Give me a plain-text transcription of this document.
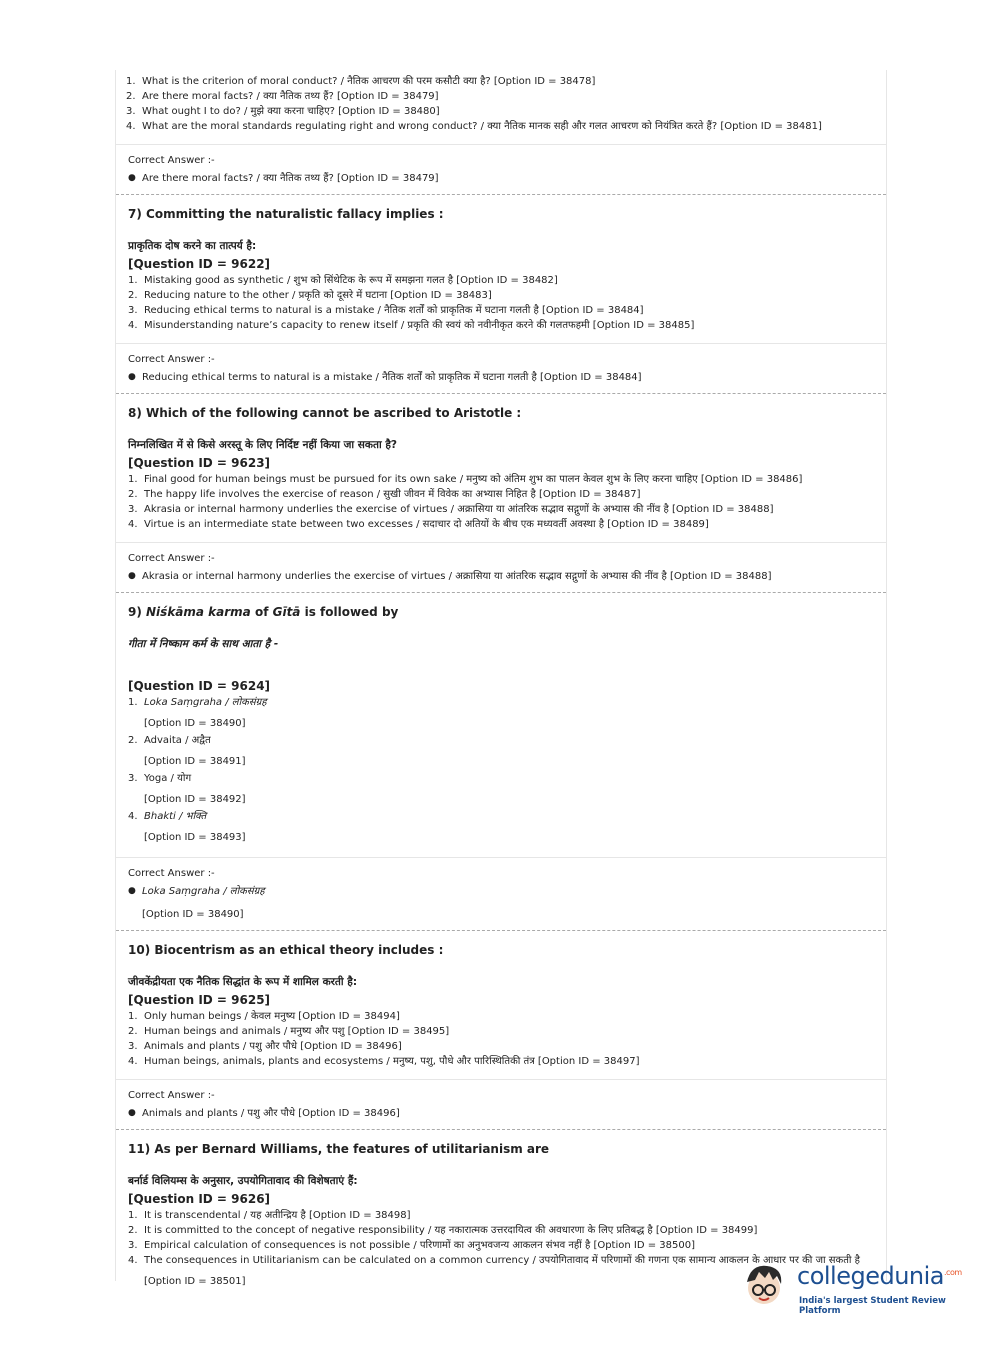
1. What is the criterion of moral conduct? / नैतिक आचरण की परम कसौटी क्या है? [Option ID = 38478]
2. Are there moral facts? / क्या नैतिक तथ्य हैं? [Option ID = 38479]
3. What ought I to do? / मुझे क्या करना चाहिए? [Option ID = 38480]
4. What are the moral standards regulating right and wrong conduct? / क्या नैतिक मानक सही और गलत आचरण को नियंत्रित करते हैं? [Option ID = 38481]
Correct Answer :-
● Are there moral facts? / क्या नैतिक तथ्य हैं? [Option ID = 38479]
7) Committing the naturalistic fallacy implies :
प्राकृतिक दोष करने का तात्पर्य है:
[Question ID = 9622]
1. Mistaking good as synthetic / शुभ को सिंथेटिक के रूप में समझना गलत है [Option ID = 38482]
2. Reducing nature to the other / प्रकृति को दूसरे में घटाना [Option ID = 38483]
3. Reducing ethical terms to natural is a mistake / नैतिक शर्तों को प्राकृतिक में घटाना गलती है [Option ID = 38484]
4. Misunderstanding nature’s capacity to renew itself / प्रकृति की स्वयं को नवीनीकृत करने की गलतफहमी [Option ID = 38485]
Correct Answer :-
● Reducing ethical terms to natural is a mistake / नैतिक शर्तों को प्राकृतिक में घटाना गलती है [Option ID = 38484]
8) Which of the following cannot be ascribed to Aristotle :
निम्नलिखित में से किसे अरस्तू के लिए निर्दिष्ट नहीं किया जा सकता है?
[Question ID = 9623]
1. Final good for human beings must be pursued for its own sake / मनुष्य को अंतिम शुभ का पालन केवल शुभ के लिए करना चाहिए [Option ID = 38486]
2. The happy life involves the exercise of reason / सुखी जीवन में विवेक का अभ्यास निहित है [Option ID = 38487]
3. Akrasia or internal harmony underlies the exercise of virtues / अक्रासिया या आंतरिक सद्भाव सद्गुणों के अभ्यास की नींव है [Option ID = 38488]
4. Virtue is an intermediate state between two excesses / सदाचार दो अतियों के बीच एक मध्यवर्ती अवस्था है [Option ID = 38489]
Correct Answer :-
● Akrasia or internal harmony underlies the exercise of virtues / अक्रासिया या आंतरिक सद्भाव सद्गुणों के अभ्यास की नींव है [Option ID = 38488]
9) Niśkāma karma of Gītā is followed by
गीता में निष्काम कर्म के साथ आता है -
[Question ID = 9624]
1. Loka Saṃgraha / लोकसंग्रह
[Option ID = 38490]
2. Advaita / अद्वैत
[Option ID = 38491]
3. Yoga / योग
[Option ID = 38492]
4. Bhakti / भक्ति
[Option ID = 38493]
Correct Answer :-
● Loka Saṃgraha / लोकसंग्रह
[Option ID = 38490]
10) Biocentrism as an ethical theory includes :
जीवकेंद्रीयता एक नैतिक सिद्धांत के रूप में शामिल करती है:
[Question ID = 9625]
1. Only human beings / केवल मनुष्य [Option ID = 38494]
2. Human beings and animals / मनुष्य और पशु [Option ID = 38495]
3. Animals and plants / पशु और पौधे [Option ID = 38496]
4. Human beings, animals, plants and ecosystems / मनुष्य, पशु, पौधे और पारिस्थितिकी तंत्र [Option ID = 38497]
Correct Answer :-
● Animals and plants / पशु और पौधे [Option ID = 38496]
11) As per Bernard Williams, the features of utilitarianism are
बर्नार्ड विलियम्स के अनुसार, उपयोगितावाद की विशेषताएं हैं:
[Question ID = 9626]
1. It is transcendental / यह अतीन्द्रिय है [Option ID = 38498]
2. It is committed to the concept of negative responsibility / यह नकारात्मक उत्तरदायित्व की अवधारणा के लिए प्रतिबद्ध है [Option ID = 38499]
3. Empirical calculation of consequences is not possible / परिणामों का अनुभवजन्य आकलन संभव नहीं है [Option ID = 38500]
4. The consequences in Utilitarianism can be calculated on a common currency / उपयोगितावाद में परिणामों की गणना एक सामान्य आकलन के आधार पर की जा सकती है
[Option ID = 38501]	collegedunia$^{.com}$
India's largest Student Review Platform
